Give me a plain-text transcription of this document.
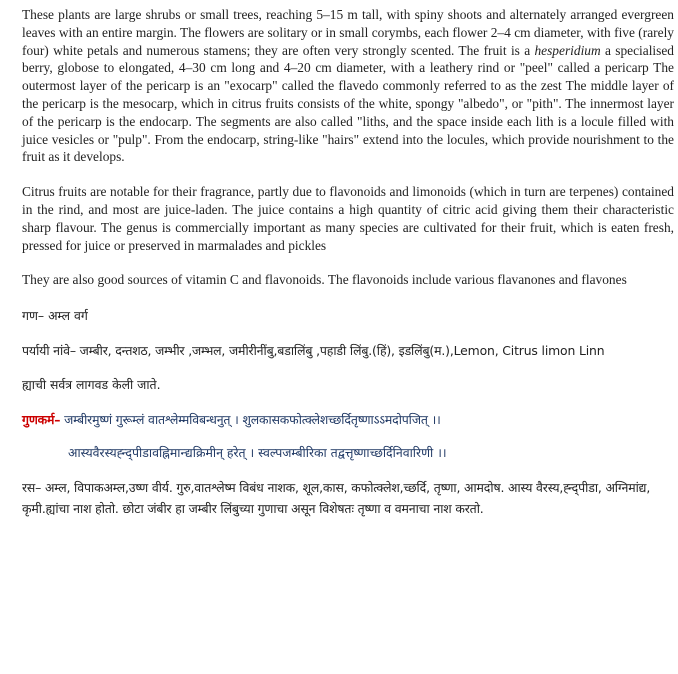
These plants are large shrubs or small trees, reaching 5–15 m tall, with spiny shoots and alternately arranged evergreen leaves with an entire margin. The flowers are solitary or in small corymbs, each flower 2–4 cm diameter, with five (rarely four) white petals and numerous stamens; they are often very strongly scented. The fruit is a hesperidium a specialised berry, globose to elongated, 4–30 cm long and 4–20 cm diameter, with a leathery rind or "peel" called a pericarp The outermost layer of the pericarp is an "exocarp" called the flavedo commonly referred to as the zest The middle layer of the pericarp is the mesocarp, which in citrus fruits consists of the white, spongy "albedo", or "pith". The innermost layer of the pericarp is the endocarp. The segments are also called "liths, and the space inside each lith is a locule filled with juice vesicles or "pulp". From the endocarp, string-like "hairs" extend into the locules, which provide nourishment to the fruit as it develops.

Citrus fruits are notable for their fragrance, partly due to flavonoids and limonoids (which in turn are terpenes) contained in the rind, and most are juice-laden. The juice contains a high quantity of citric acid giving them their characteristic sharp flavour. The genus is commercially important as many species are cultivated for their fruit, which is eaten fresh, pressed for juice or preserved in marmalades and pickles

They are also good sources of vitamin C and flavonoids. The flavonoids include various flavanones and flavones

गण– अम्ल वर्ग

पर्यायी नांवे– जम्बीर, दन्तशठ, जम्भीर ,जम्भल, जमीरीनींबु,बडालिंबु ,पहाडी लिंबु.(हिं), इडलिंबु(म.),Lemon, Citrus limon Linn

ह्याची सर्वत्र लागवड केली जाते.

गुणकर्म– जम्बीरमुष्णं गुरूम्लं वातश्लेम्मविबन्धनुत् । शुलकासकफोत्क्लेशच्छर्दितृष्णाऽऽमदोपजित् ।।

आस्यवैरस्यह्न्द्पीडावह्निमान्द्यक्रिमीन् हरेत् । स्वल्पजम्बीरिका तद्वत्तृष्णाच्छर्दिनिवारिणी ।।

रस– अम्ल, विपाकअम्ल,उष्ण वीर्य. गुरु,वातश्लेष्म विबंध नाशक, शूल,कास, कफोत्क्लेश,च्छर्दि, तृष्णा, आमदोष. आस्य वैरस्य,ह्न्द्पीडा, अग्निमांद्य, कृमी.ह्यांचा नाश होतो. छोटा जंबीर हा जम्बीर लिंबुच्या गुणाचा असून विशेषतः तृष्णा व वमनाचा नाश करतो.
